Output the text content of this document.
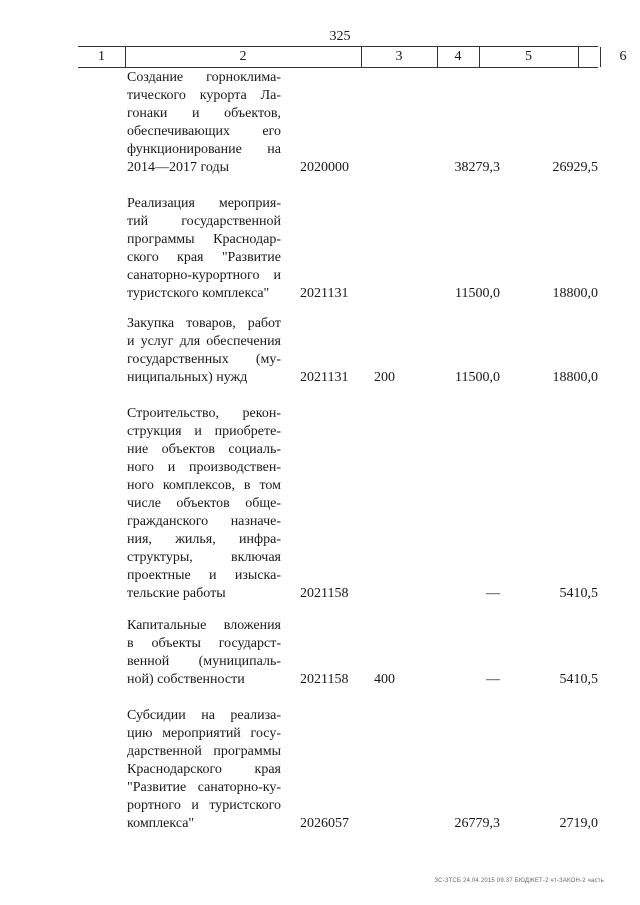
325
1	2	3	4	5	6
Создание горноклима-
тического курорта Ла-
гонаки и объектов,
обеспечивающих его
функционирование на
2014—2017 годы	2020000	38279,3	26929,5
Реализация мероприя-
тий государственной
программы Краснодар-
ского края "Развитие
санаторно-курортного и
туристского комплекса"	2021131	11500,0	18800,0
Закупка товаров, работ
и услуг для обеспечения
государственных (му-
ниципальных) нужд	2021131 200	11500,0	18800,0
Строительство, рекон-
струкция и приобрете-
ние объектов социаль-
ного и производствен-
ного комплексов, в том
числе объектов обще-
гражданского назначе-
ния, жилья, инфра-
структуры, включая
проектные и изыска-
тельские работы	2021158	—	5410,5
Капитальные вложения
в объекты государст-
венной (муниципаль-
ной) собственности	2021158 400	—	5410,5
Субсидии на реализа-
цию мероприятий госу-
дарственной программы
Краснодарского края
"Развитие санаторно-ку-
рортного и туристского
комплекса"	2026057	26779,3	2719,0
ЗС-ЗТСБ 24.04.2015 09.37 БЮДЖЕТ-2 чт-ЗАКОН-2 часть
